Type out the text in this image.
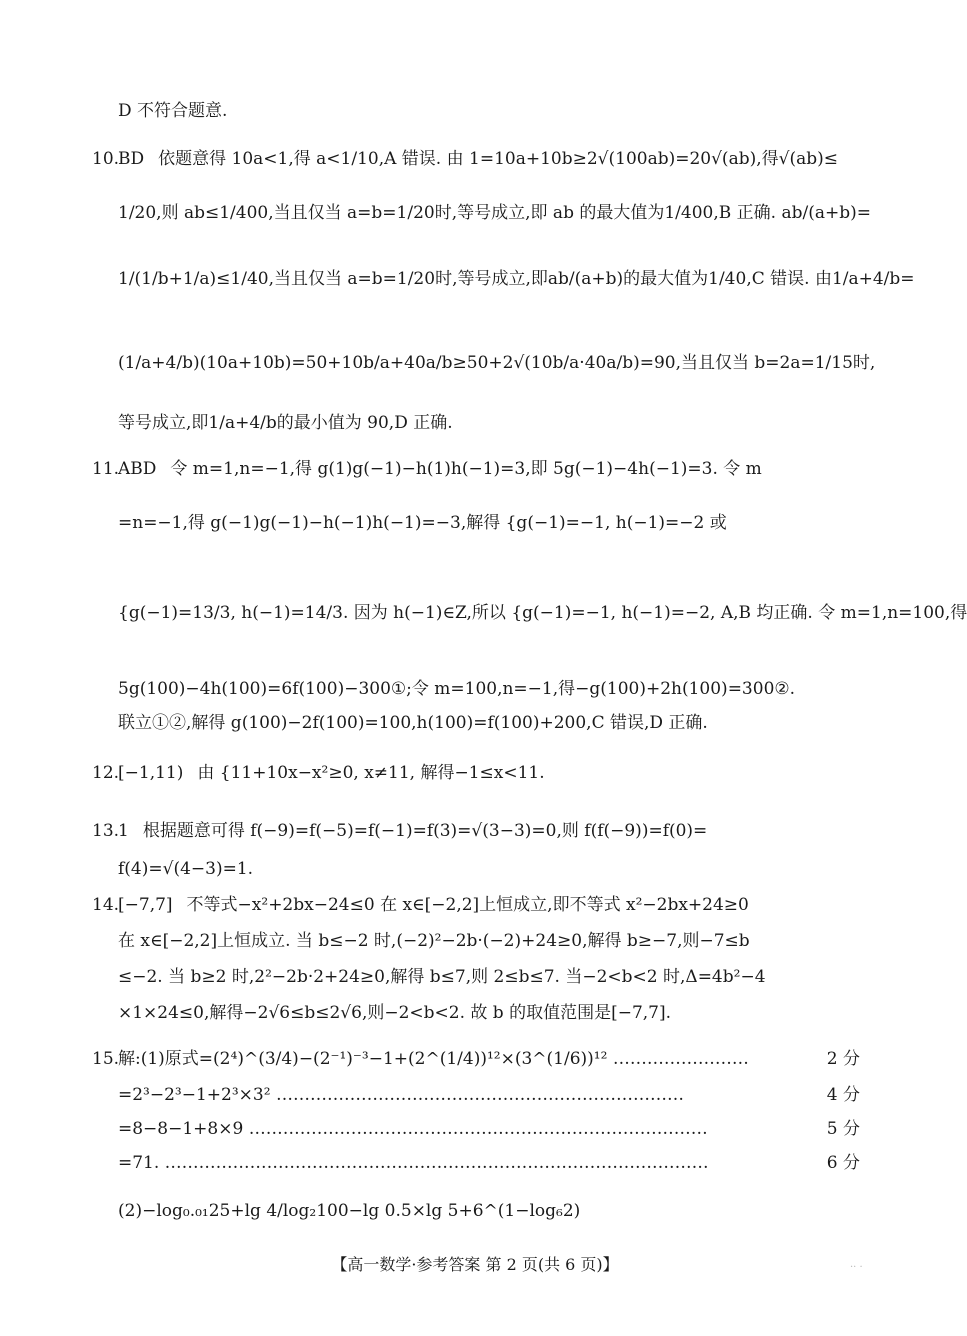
D 不符合题意.
10.BD 依题意得 10a<1,得 a<1/10,A 错误. 由 1=10a+10b≥2√(100ab)=20√(ab),得√(ab)≤
1/20,则 ab≤1/400,当且仅当 a=b=1/20时,等号成立,即 ab 的最大值为1/400,B 正确. ab/(a+b)=
1/(1/b+1/a)≤1/40,当且仅当 a=b=1/20时,等号成立,即ab/(a+b)的最大值为1/40,C 错误. 由1/a+4/b=
(1/a+4/b)(10a+10b)=50+10b/a+40a/b≥50+2√(10b/a·40a/b)=90,当且仅当 b=2a=1/15时,
等号成立,即1/a+4/b的最小值为 90,D 正确.
11.ABD 令 m=1,n=−1,得 g(1)g(−1)−h(1)h(−1)=3,即 5g(−1)−4h(−1)=3. 令 m
=n=−1,得 g(−1)g(−1)−h(−1)h(−1)=−3,解得 {g(−1)=−1, h(−1)=−2 或
{g(−1)=13/3, h(−1)=14/3. 因为 h(−1)∈Z,所以 {g(−1)=−1, h(−1)=−2, A,B 均正确. 令 m=1,n=100,得
5g(100)−4h(100)=6f(100)−300①;令 m=100,n=−1,得−g(100)+2h(100)=300②.
联立①②,解得 g(100)−2f(100)=100,h(100)=f(100)+200,C 错误,D 正确.
12.[−1,11) 由 {11+10x−x²≥0, x≠11, 解得−1≤x<11.
13.1 根据题意可得 f(−9)=f(−5)=f(−1)=f(3)=√(3−3)=0,则 f(f(−9))=f(0)=
f(4)=√(4−3)=1.
14.[−7,7] 不等式−x²+2bx−24≤0 在 x∈[−2,2]上恒成立,即不等式 x²−2bx+24≥0
在 x∈[−2,2]上恒成立. 当 b≤−2 时,(−2)²−2b·(−2)+24≥0,解得 b≥−7,则−7≤b
≤−2. 当 b≥2 时,2²−2b·2+24≥0,解得 b≤7,则 2≤b≤7. 当−2<b<2 时,Δ=4b²−4
×1×24≤0,解得−2√6≤b≤2√6,则−2<b<2. 故 b 的取值范围是[−7,7].
15.	2 分
解:(1)原式=(2⁴)^(3/4)−(2⁻¹)⁻³−1+(2^(1/4))¹²×(3^(1/6))¹² ……………………
4 分
=2³−2³−1+2³×3² ………………………………………………………………
5 分
=8−8−1+8×9 ………………………………………………………………………
6 分
=71. ……………………………………………………………………………………
(2)−log₀.₀₁25+lg 4/log₂100−lg 0.5×lg 5+6^(1−log₆2)
【高一数学·参考答案 第 2 页(共 6 页)】	·· ·
